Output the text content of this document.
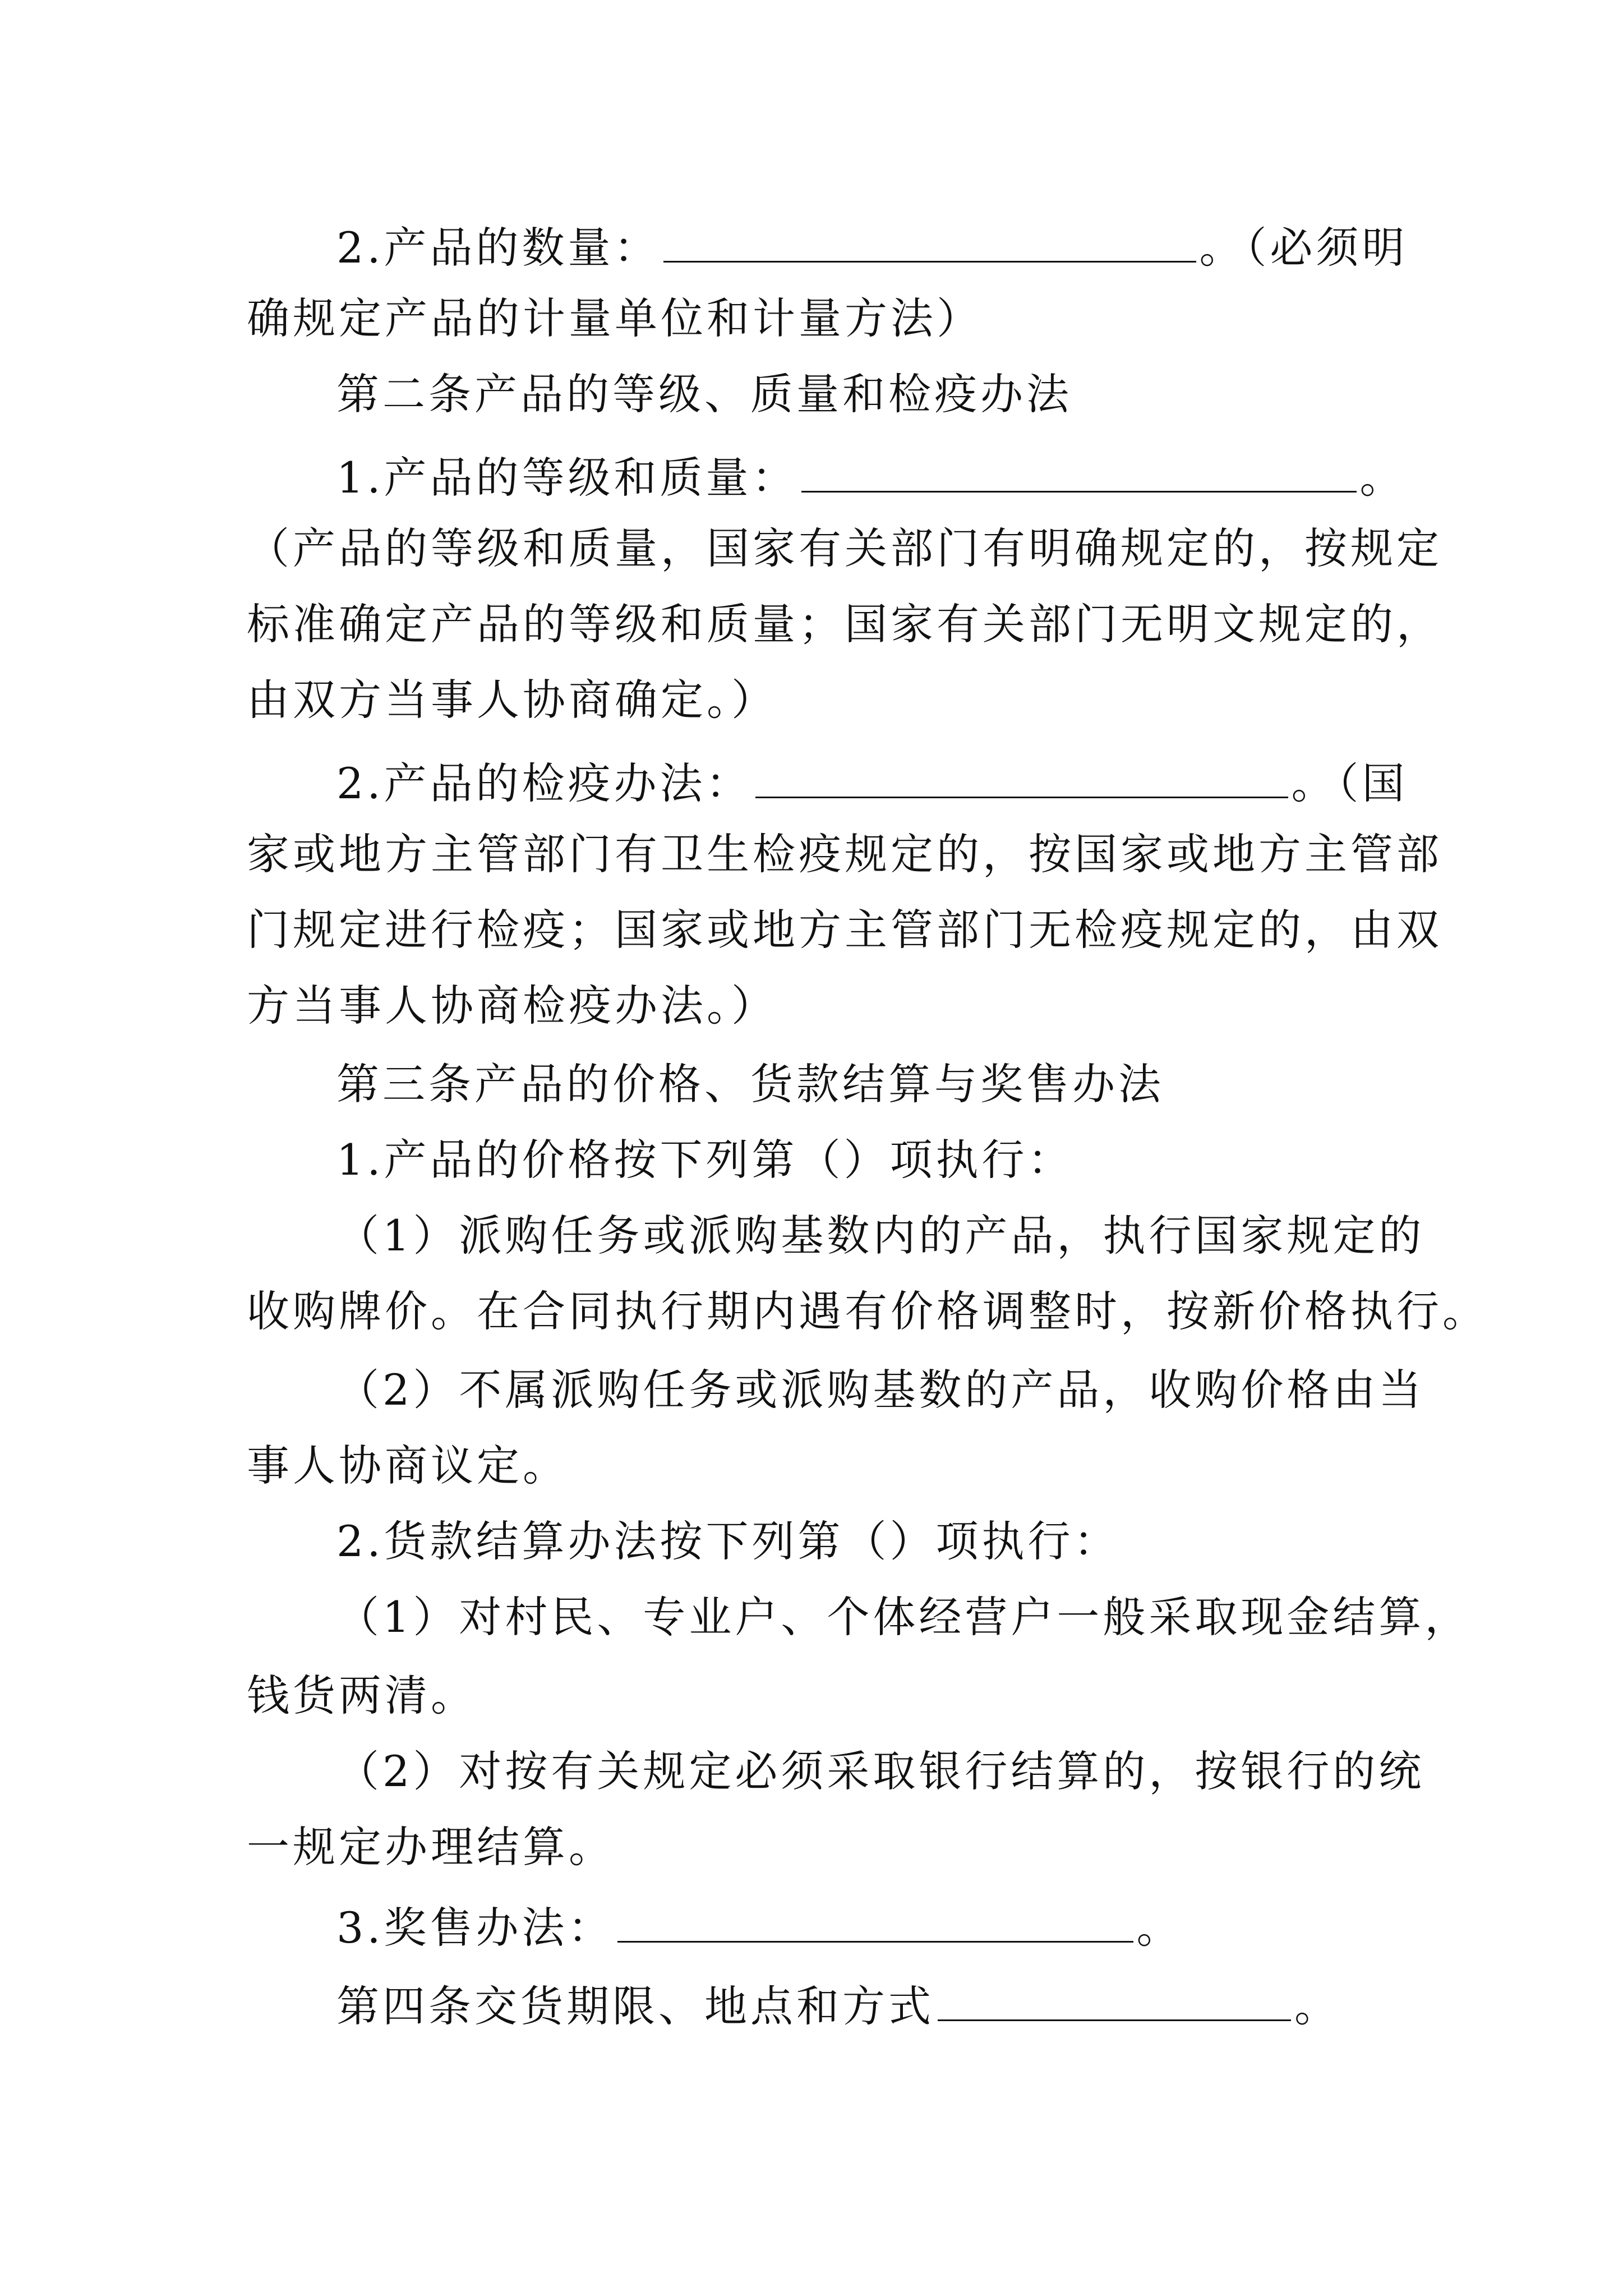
2.产品的数量：	。（必须明
确规定产品的计量单位和计量方法）
第二条产品的等级、质量和检疫办法
1.产品的等级和质量：	。
（产品的等级和质量，国家有关部门有明确规定的，按规定
标准确定产品的等级和质量；国家有关部门无明文规定的，
由双方当事人协商确定。）
2.产品的检疫办法：	。（国
家或地方主管部门有卫生检疫规定的，按国家或地方主管部
门规定进行检疫；国家或地方主管部门无检疫规定的，由双
方当事人协商检疫办法。）
第三条产品的价格、货款结算与奖售办法
1.产品的价格按下列第（）项执行：
（1）派购任务或派购基数内的产品，执行国家规定的
收购牌价。在合同执行期内遇有价格调整时，按新价格执行。
（2）不属派购任务或派购基数的产品，收购价格由当
事人协商议定。
2.货款结算办法按下列第（）项执行：
（1）对村民、专业户、个体经营户一般采取现金结算，
钱货两清。
（2）对按有关规定必须采取银行结算的，按银行的统
一规定办理结算。
3.奖售办法：	。
第四条交货期限、地点和方式	。
